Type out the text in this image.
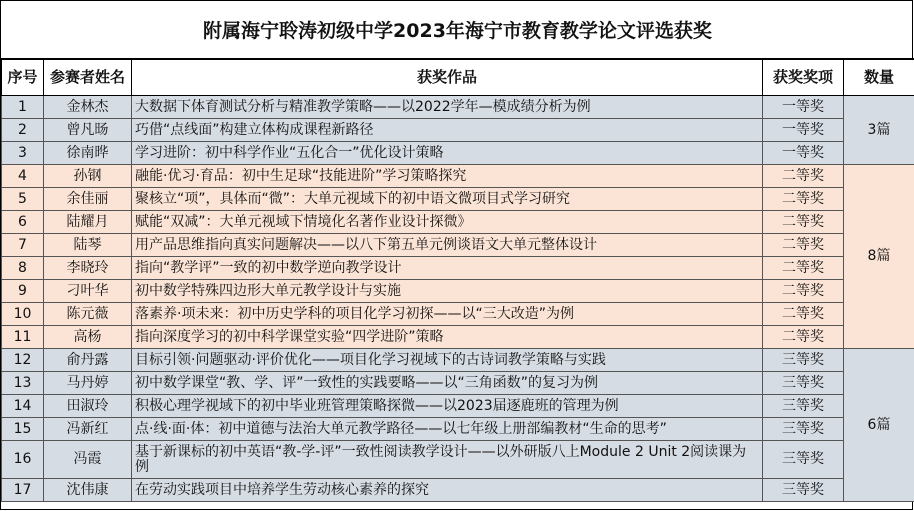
附属海宁聆涛初级中学2023年海宁市教育教学论文评选获奖
序号	参赛者姓名	获奖作品	获奖奖项	数量
1	金林杰	大数据下体育测试分析与精准教学策略——以2022学年—模成绩分析为例	一等奖	3篇
2	曾凡旸	巧借“点线面”构建立体构成课程新路径	一等奖	
3	徐南晔	学习进阶：初中科学作业“五化合一”优化设计策略	一等奖	
4	孙钢	融能·优习·育品：初中生足球“技能进阶”学习策略探究	二等奖	8篇
5	余佳丽	聚核立“项”，具体而“微”：大单元视域下的初中语文微项目式学习研究	二等奖	
6	陆耀月	赋能“双减”：大单元视域下情境化名著作业设计探微》	二等奖	
7	陆琴	用产品思维指向真实问题解决——以八下第五单元例谈语文大单元整体设计	二等奖	
8	李晓玲	指向“教学评”一致的初中数学逆向教学设计	二等奖	
9	刁叶华	初中数学特殊四边形大单元教学设计与实施	二等奖	
10	陈元薇	落素养·项未来：初中历史学科的项目化学习初探——以“三大改造”为例	二等奖	
11	高杨	指向深度学习的初中科学课堂实验“四学进阶”策略	二等奖	
12	俞丹露	目标引领·问题驱动·评价优化——项目化学习视域下的古诗词教学策略与实践	三等奖	6篇
13	马丹婷	初中数学课堂“教、学、评”一致性的实践要略——以“三角函数”的复习为例	三等奖	
14	田淑玲	积极心理学视域下的初中毕业班管理策略探微——以2023届逐鹿班的管理为例	三等奖	
15	冯新红	点·线·面·体：初中道德与法治大单元教学路径——以七年级上册部编教材“生命的思考”	三等奖	
16	冯霞	基于新课标的初中英语“教-学-评”一致性阅读教学设计——以外研版八上Module 2 Unit 2阅读课为例	三等奖	
17	沈伟康	在劳动实践项目中培养学生劳动核心素养的探究	三等奖	
